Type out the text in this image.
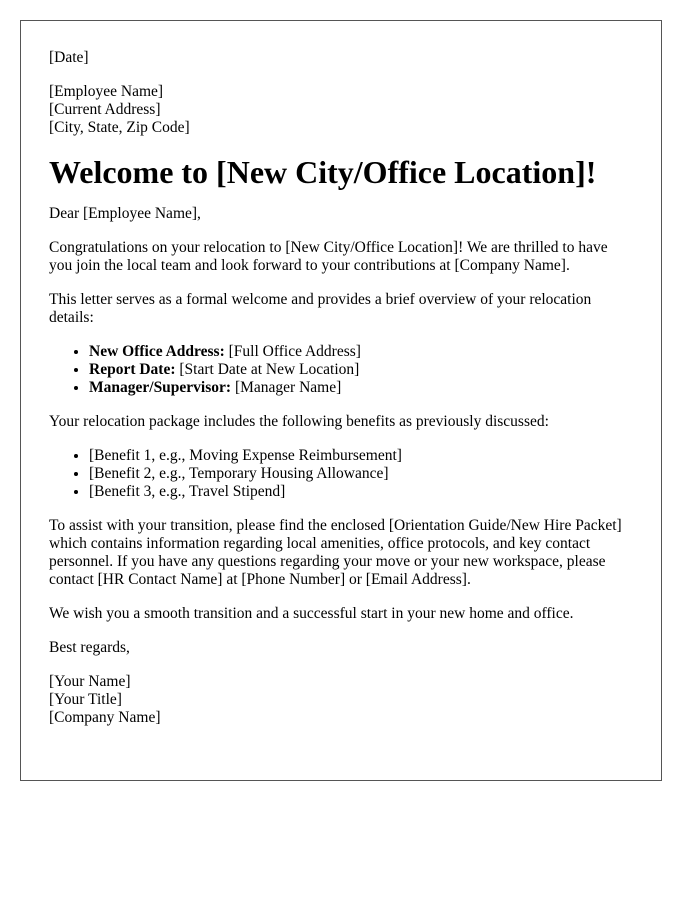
[Date]
[Employee Name]
[Current Address]
[City, State, Zip Code]
Welcome to [New City/Office Location]!

Dear [Employee Name],

Congratulations on your relocation to [New City/Office Location]! We are thrilled to have you join the local team and look forward to your contributions at [Company Name].

This letter serves as a formal welcome and provides a brief overview of your relocation details:

• New Office Address: [Full Office Address]
• Report Date: [Start Date at New Location]
• Manager/Supervisor: [Manager Name]

Your relocation package includes the following benefits as previously discussed:

• [Benefit 1, e.g., Moving Expense Reimbursement]
• [Benefit 2, e.g., Temporary Housing Allowance]
• [Benefit 3, e.g., Travel Stipend]

To assist with your transition, please find the enclosed [Orientation Guide/New Hire Packet] which contains information regarding local amenities, office protocols, and key contact personnel. If you have any questions regarding your move or your new workspace, please contact [HR Contact Name] at [Phone Number] or [Email Address].

We wish you a smooth transition and a successful start in your new home and office.

Best regards,

[Your Name]
[Your Title]
[Company Name]
